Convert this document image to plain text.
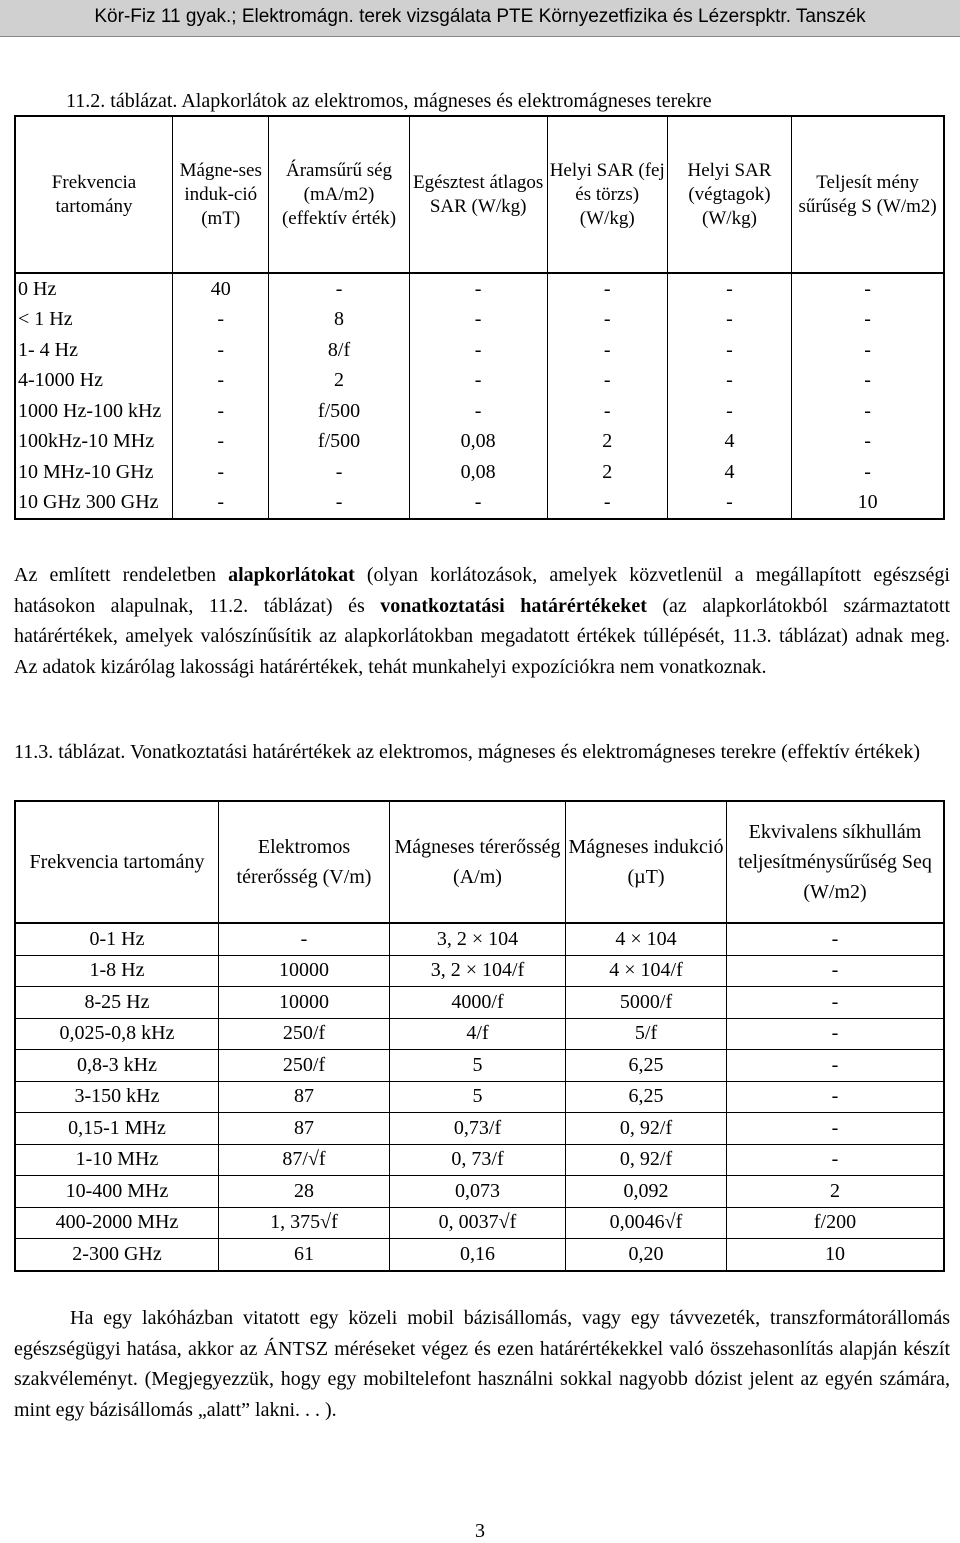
Kör-Fiz 11 gyak.; Elektromágn. terek vizsgálata PTE Környezetfizika és Lézerspktr. Tanszék
11.2. táblázat. Alapkorlátok az elektromos, mágneses és elektromágneses terekre
Frekvencia tartomány	Mágne-ses induk-ció (mT)	Áramsűrű ség (mA/m2) (effektív érték)	Egésztest átlagos SAR (W/kg)	Helyi SAR (fej és törzs) (W/kg)	Helyi SAR (végtagok) (W/kg)	Teljesít mény sűrűség S (W/m2)
0 Hz	40	-	-	-	-	-
< 1 Hz	-	8	-	-	-	-
1- 4 Hz	-	8/f	-	-	-	-
4-1000 Hz	-	2	-	-	-	-
1000 Hz-100 kHz	-	f/500	-	-	-	-
100kHz-10 MHz	-	f/500	0,08	2	4	-
10 MHz-10 GHz	-	-	0,08	2	4	-
10 GHz 300 GHz	-	-	-	-	-	10
Az említett rendeletben alapkorlátokat (olyan korlátozások, amelyek közvetlenül a megállapított egészségi hatásokon alapulnak, 11.2. táblázat) és vonatkoztatási határértékeket (az alapkorlátokból származtatott határértékek, amelyek valószínűsítik az alapkorlátokban megadatott értékek túllépését, 11.3. táblázat) adnak meg. Az adatok kizárólag lakossági határértékek, tehát munkahelyi expozíciókra nem vonatkoznak.
11.3. táblázat. Vonatkoztatási határértékek az elektromos, mágneses és elektromágneses terekre (effektív értékek)
Frekvencia tartomány	Elektromos térerősség (V/m)	Mágneses térerősség (A/m)	Mágneses indukció (µT)	Ekvivalens síkhullám teljesítménysűrűség Seq (W/m2)
0-1 Hz	-	3, 2 × 104	4 × 104	-
1-8 Hz	10000	3, 2 × 104/f	4 × 104/f	-
8-25 Hz	10000	4000/f	5000/f	-
0,025-0,8 kHz	250/f	4/f	5/f	-
0,8-3 kHz	250/f	5	6,25	-
3-150 kHz	87	5	6,25	-
0,15-1 MHz	87	0,73/f	0, 92/f	-
1-10 MHz	87/√f	0, 73/f	0, 92/f	-
10-400 MHz	28	0,073	0,092	2
400-2000 MHz	1, 375√f	0, 0037√f	0,0046√f	f/200
2-300 GHz	61	0,16	0,20	10
Ha egy lakóházban vitatott egy közeli mobil bázisállomás, vagy egy távvezeték, transzformátorállomás egészségügyi hatása, akkor az ÁNTSZ méréseket végez és ezen határértékekkel való összehasonlítás alapján készít szakvéleményt. (Megjegyezzük, hogy egy mobiltelefont használni sokkal nagyobb dózist jelent az egyén számára, mint egy bázisállomás „alatt” lakni. . . ).
3
